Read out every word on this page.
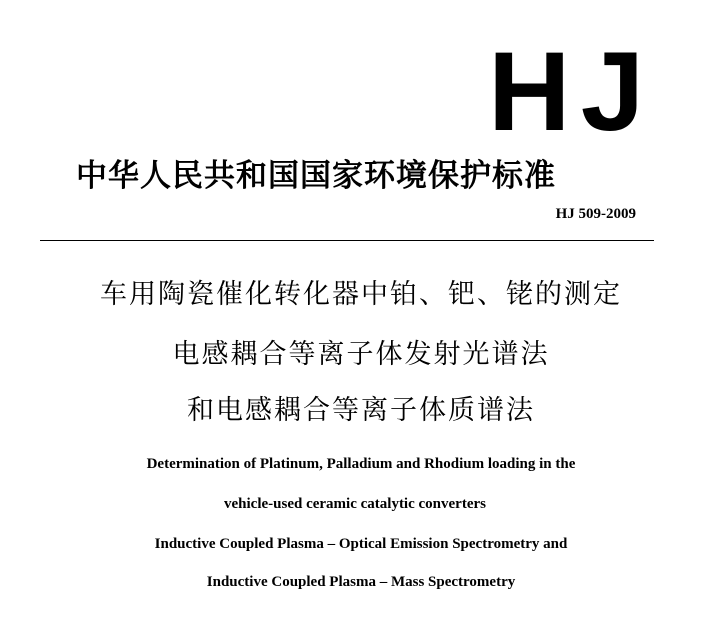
HJ
中华人民共和国国家环境保护标准
HJ 509-2009
车用陶瓷催化转化器中铂、钯、铑的测定
电感耦合等离子体发射光谱法
和电感耦合等离子体质谱法
Determination of Platinum, Palladium and Rhodium loading in the
vehicle-used ceramic catalytic converters
Inductive Coupled Plasma – Optical Emission Spectrometry and
Inductive Coupled Plasma – Mass Spectrometry
